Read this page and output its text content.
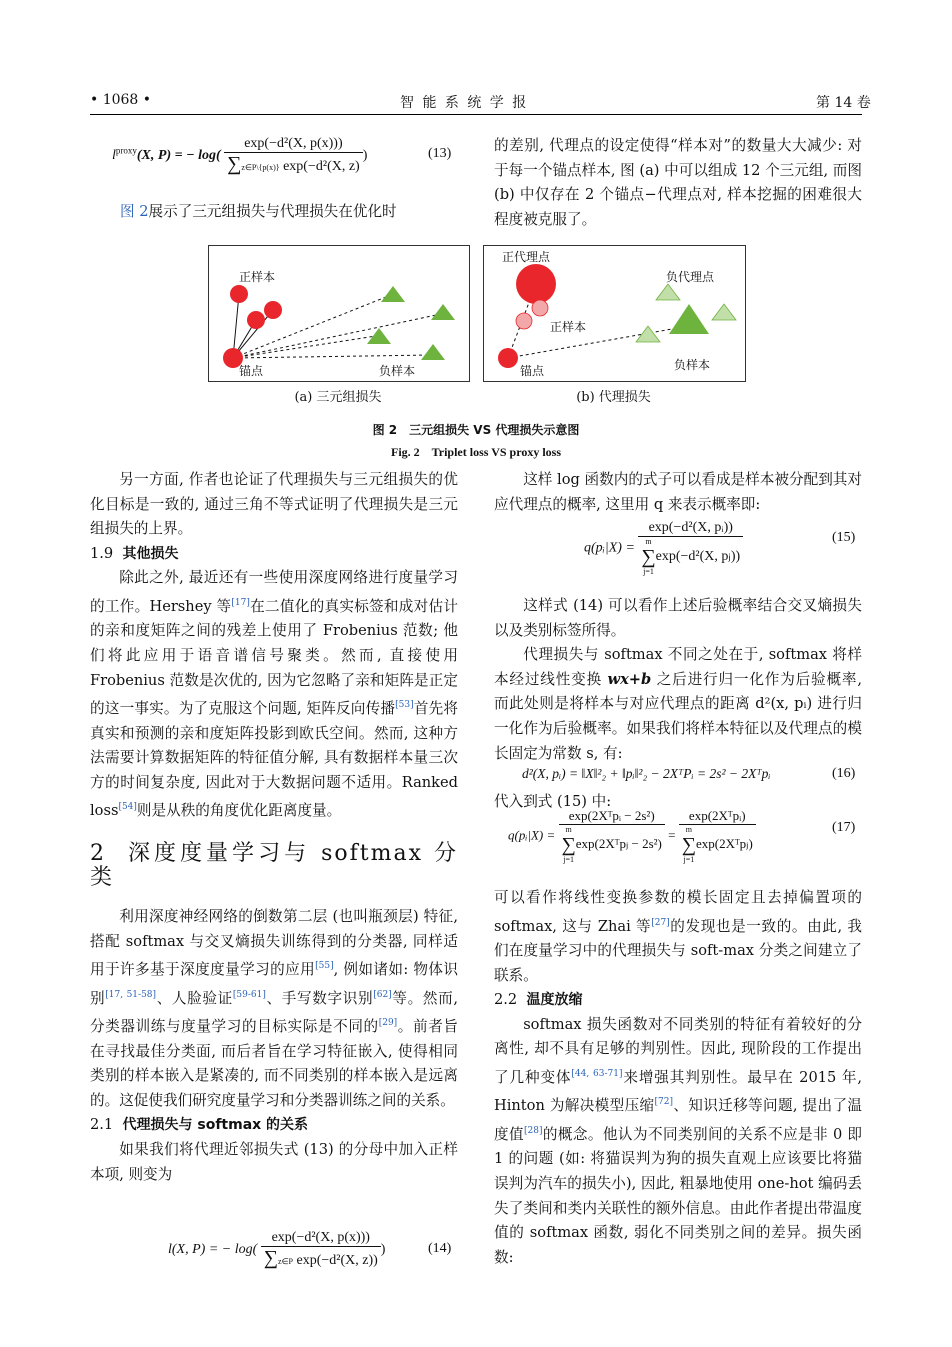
• 1068 •	智 能 系 统 学 报	第 14 卷
$l^{proxy}(X$, P) = − $\log( \frac{\text{exp(−d²(X, p(x)))}}{\text{∑z∈P\textbackslash{}\{p(x)\} exp(−d²(X, z)}}$ )	(13)
图 2展示了三元组损失与代理损失在优化时
的差别, 代理点的设定使得“样本对”的数量大大减少: 对于每一个锚点样本, 图 (a) 中可以组成 12 个三元组, 而图 (b) 中仅存在 2 个锚点−代理点对, 样本挖掘的困难很大程度被克服了。
正样本
锚点	负样本
正代理点
负代理点
正样本
锚点	负样本
(a) 三元组损失	(b) 代理损失
图 2　三元组损失 VS 代理损失示意图
Fig. 2　Triplet loss VS proxy loss

另一方面, 作者也论证了代理损失与三元组损失的优化目标是一致的, 通过三角不等式证明了代理损失是三元组损失的上界。

1.9 其他损失

除此之外, 最近还有一些使用深度网络进行度量学习的工作。Hershey 等[17]在二值化的真实标签和成对估计的亲和度矩阵之间的残差上使用了 Frobenius 范数; 他们将此应用于语音谱信号聚类。然而, 直接使用 Frobenius 范数是次优的, 因为它忽略了亲和矩阵是正定的这一事实。为了克服这个问题, 矩阵反向传播[53]首先将真实和预测的亲和度矩阵投影到欧氏空间。然而, 这种方法需要计算数据矩阵的特征值分解, 具有数据样本量三次方的时间复杂度, 因此对于大数据问题不适用。Ranked loss[54]则是从秩的角度优化距离度量。

2 深度度量学习与 softmax 分类

利用深度神经网络的倒数第二层 (也叫瓶颈层) 特征, 搭配 softmax 与交叉熵损失训练得到的分类器, 同样适用于许多基于深度度量学习的应用[55], 例如诸如: 物体识别[17, 51-58]、人脸验证[59-61]、手写数字识别[62]等。然而, 分类器训练与度量学习的目标实际是不同的[29]。前者旨在寻找最佳分类面, 而后者旨在学习特征嵌入, 使得相同类别的样本嵌入是紧凑的, 而不同类别的样本嵌入是远离的。这促使我们研究度量学习和分类器训练之间的关系。

2.1 代理损失与 softmax 的关系

如果我们将代理近邻损失式 (13) 的分母中加入正样本项, 则变为

l(X, P) = − $\log( \frac{\text{exp(−d²(X, p(x)))}}{\text{∑z∈P exp(−d²(X, z))}}$ )	(14)

这样 log 函数内的式子可以看成是样本被分配到其对应代理点的概率, 这里用 q 来表示概率即:

q(pᵢ|X) = exp(−d²(X, pᵢ))
m
∑
j=1
exp(−d²(X, pⱼ))	(15)

这样式 (14) 可以看作上述后验概率结合交叉熵损失以及类别标签所得。

代理损失与 softmax 不同之处在于, softmax 将样本经过线性变换 wx+b 之后进行归一化作为后验概率, 而此处则是将样本与对应代理点的距离 d²(x, pᵢ) 进行归一化作为后验概率。如果我们将样本特征以及代理点的模长固定为常数 s, 有:

d²(X, pᵢ) = ‖X‖²₂ + ‖pᵢ‖²₂ − 2XᵀPᵢ = 2s² − 2Xᵀpᵢ	(16)

代入到式 (15) 中:

q(pᵢ|X) = exp(2Xᵀpᵢ − 2s²)
m
∑
j=1
exp(2Xᵀpⱼ − 2s²) = exp(2Xᵀpᵢ)
m
∑
j=1
exp(2Xᵀpⱼ)	(17)

可以看作将线性变换参数的模长固定且去掉偏置项的 softmax, 这与 Zhai 等[27]的发现也是一致的。由此, 我们在度量学习中的代理损失与 soft-max 分类之间建立了联系。

2.2 温度放缩

softmax 损失函数对不同类别的特征有着较好的分离性, 却不具有足够的判别性。因此, 现阶段的工作提出了几种变体[44, 63-71]来增强其判别性。最早在 2015 年, Hinton 为解决模型压缩[72]、知识迁移等问题, 提出了温度值[28]的概念。他认为不同类别间的关系不应是非 0 即 1 的问题 (如: 将猫误判为狗的损失直观上应该要比将猫误判为汽车的损失小), 因此, 粗暴地使用 one-hot 编码丢失了类间和类内关联性的额外信息。由此作者提出带温度值的 softmax 函数, 弱化不同类别之间的差异。损失函数:
